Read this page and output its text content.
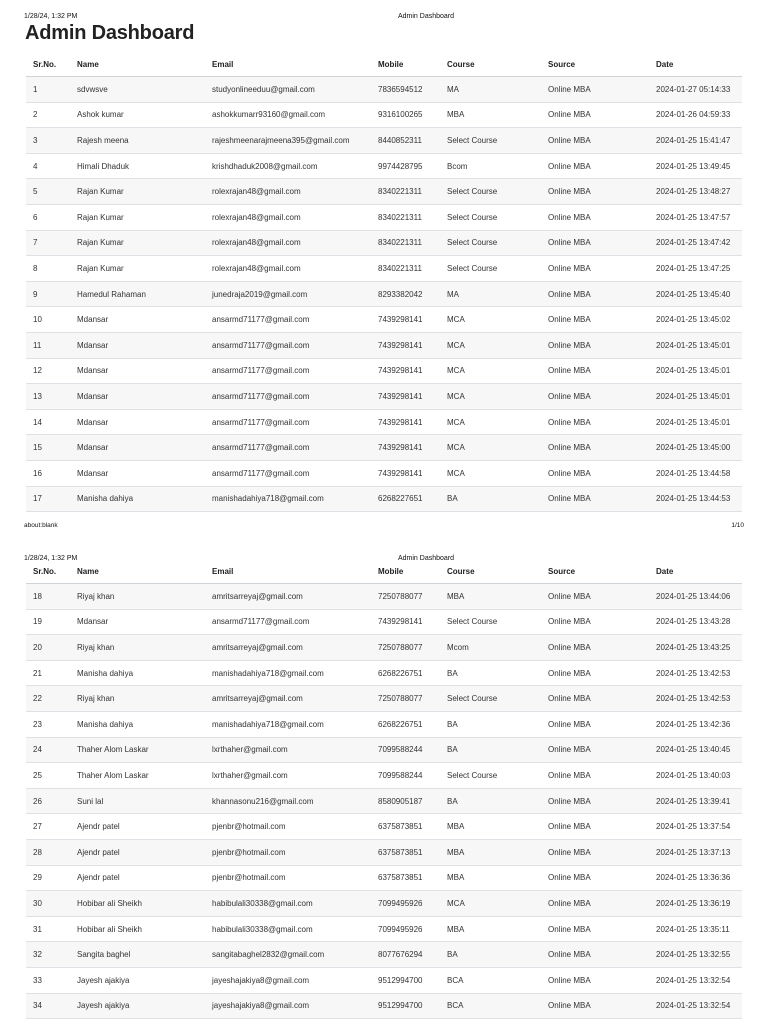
1/28/24, 1:32 PM	Admin Dashboard
Admin Dashboard
Sr.No.	Name	Email	Mobile	Course	Source	Date
1	sdvwsve	studyonlineeduu@gmail.com	7836594512	MA	Online MBA	2024-01-27 05:14:33
2	Ashok kumar	ashokkumarr93160@gmail.com	9316100265	MBA	Online MBA	2024-01-26 04:59:33
3	Rajesh meena	rajeshmeenarajmeena395@gmail.com	8440852311	Select Course	Online MBA	2024-01-25 15:41:47
4	Himali Dhaduk	krishdhaduk2008@gmail.com	9974428795	Bcom	Online MBA	2024-01-25 13:49:45
5	Rajan Kumar	rolexrajan48@gmail.com	8340221311	Select Course	Online MBA	2024-01-25 13:48:27
6	Rajan Kumar	rolexrajan48@gmail.com	8340221311	Select Course	Online MBA	2024-01-25 13:47:57
7	Rajan Kumar	rolexrajan48@gmail.com	8340221311	Select Course	Online MBA	2024-01-25 13:47:42
8	Rajan Kumar	rolexrajan48@gmail.com	8340221311	Select Course	Online MBA	2024-01-25 13:47:25
9	Hamedul Rahaman	junedraja2019@gmail.com	8293382042	MA	Online MBA	2024-01-25 13:45:40
10	Mdansar	ansarmd71177@gmail.com	7439298141	MCA	Online MBA	2024-01-25 13:45:02
11	Mdansar	ansarmd71177@gmail.com	7439298141	MCA	Online MBA	2024-01-25 13:45:01
12	Mdansar	ansarmd71177@gmail.com	7439298141	MCA	Online MBA	2024-01-25 13:45:01
13	Mdansar	ansarmd71177@gmail.com	7439298141	MCA	Online MBA	2024-01-25 13:45:01
14	Mdansar	ansarmd71177@gmail.com	7439298141	MCA	Online MBA	2024-01-25 13:45:01
15	Mdansar	ansarmd71177@gmail.com	7439298141	MCA	Online MBA	2024-01-25 13:45:00
16	Mdansar	ansarmd71177@gmail.com	7439298141	MCA	Online MBA	2024-01-25 13:44:58
17	Manisha dahiya	manishadahiya718@gmail.com	6268227651	BA	Online MBA	2024-01-25 13:44:53
about:blank	1/10
1/28/24, 1:32 PM	Admin Dashboard
Sr.No.	Name	Email	Mobile	Course	Source	Date
18	Riyaj khan	amritsarreyaj@gmail.com	7250788077	MBA	Online MBA	2024-01-25 13:44:06
19	Mdansar	ansarmd71177@gmail.com	7439298141	Select Course	Online MBA	2024-01-25 13:43:28
20	Riyaj khan	amritsarreyaj@gmail.com	7250788077	Mcom	Online MBA	2024-01-25 13:43:25
21	Manisha dahiya	manishadahiya718@gmail.com	6268226751	BA	Online MBA	2024-01-25 13:42:53
22	Riyaj khan	amritsarreyaj@gmail.com	7250788077	Select Course	Online MBA	2024-01-25 13:42:53
23	Manisha dahiya	manishadahiya718@gmail.com	6268226751	BA	Online MBA	2024-01-25 13:42:36
24	Thaher Alom Laskar	lxrthaher@gmail.com	7099588244	BA	Online MBA	2024-01-25 13:40:45
25	Thaher Alom Laskar	lxrthaher@gmail.com	7099588244	Select Course	Online MBA	2024-01-25 13:40:03
26	Suni lal	khannasonu216@gmail.com	8580905187	BA	Online MBA	2024-01-25 13:39:41
27	Ajendr patel	pjenbr@hotmail.com	6375873851	MBA	Online MBA	2024-01-25 13:37:54
28	Ajendr patel	pjenbr@hotmail.com	6375873851	MBA	Online MBA	2024-01-25 13:37:13
29	Ajendr patel	pjenbr@hotmail.com	6375873851	MBA	Online MBA	2024-01-25 13:36:36
30	Hobibar ali Sheikh	habibulali30338@gmail.com	7099495926	MCA	Online MBA	2024-01-25 13:36:19
31	Hobibar ali Sheikh	habibulali30338@gmail.com	7099495926	MBA	Online MBA	2024-01-25 13:35:11
32	Sangita baghel	sangitabaghel2832@gmail.com	8077676294	BA	Online MBA	2024-01-25 13:32:55
33	Jayesh ajakiya	jayeshajakiya8@gmail.com	9512994700	BCA	Online MBA	2024-01-25 13:32:54
34	Jayesh ajakiya	jayeshajakiya8@gmail.com	9512994700	BCA	Online MBA	2024-01-25 13:32:54
